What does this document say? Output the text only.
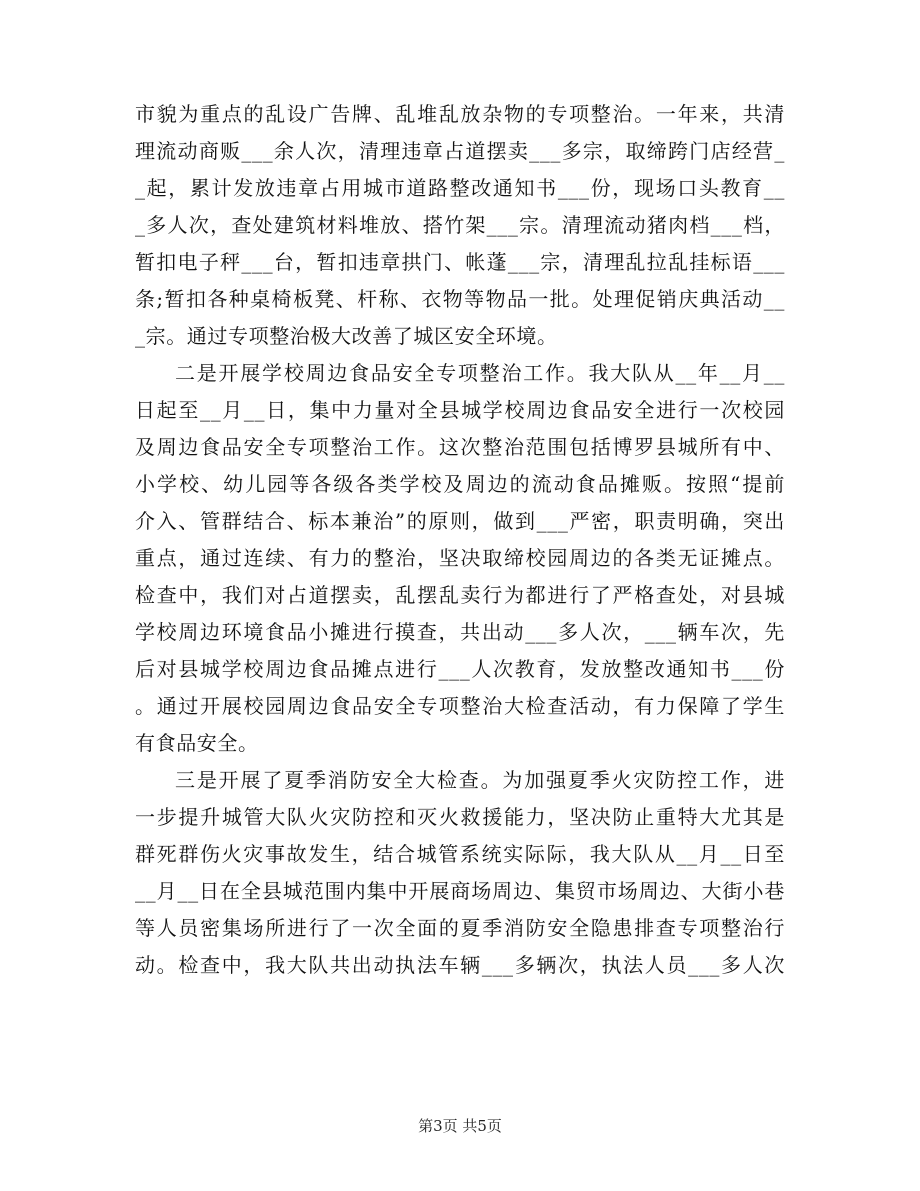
市貌为重点的乱设广告牌、乱堆乱放杂物的专项整治。一年来，共清
理流动商贩___余人次，清理违章占道摆卖___多宗，取缔跨门店经营_
_起，累计发放违章占用城市道路整改通知书___份，现场口头教育__
_多人次，查处建筑材料堆放、搭竹架___宗。清理流动猪肉档___档，
暂扣电子秤___台，暂扣违章拱门、帐蓬___宗，清理乱拉乱挂标语___
条;暂扣各种桌椅板凳、杆称、衣物等物品一批。处理促销庆典活动__
_宗。通过专项整治极大改善了城区安全环境。
二是开展学校周边食品安全专项整治工作。我大队从__年__月__
日起至__月__日，集中力量对全县城学校周边食品安全进行一次校园
及周边食品安全专项整治工作。这次整治范围包括博罗县城所有中、
小学校、幼儿园等各级各类学校及周边的流动食品摊贩。按照“提前
介入、管群结合、标本兼治”的原则，做到___严密，职责明确，突出
重点，通过连续、有力的整治，坚决取缔校园周边的各类无证摊点。
检查中，我们对占道摆卖，乱摆乱卖行为都进行了严格查处，对县城
学校周边环境食品小摊进行摸查，共出动___多人次，___辆车次，先
后对县城学校周边食品摊点进行___人次教育，发放整改通知书___份
。通过开展校园周边食品安全专项整治大检查活动，有力保障了学生
有食品安全。
三是开展了夏季消防安全大检查。为加强夏季火灾防控工作，进
一步提升城管大队火灾防控和灭火救援能力，坚决防止重特大尤其是
群死群伤火灾事故发生，结合城管系统实际际，我大队从__月__日至
__月__日在全县城范围内集中开展商场周边、集贸市场周边、大街小巷
等人员密集场所进行了一次全面的夏季消防安全隐患排查专项整治行
动。检查中，我大队共出动执法车辆___多辆次，执法人员___多人次
第3页 共5页
